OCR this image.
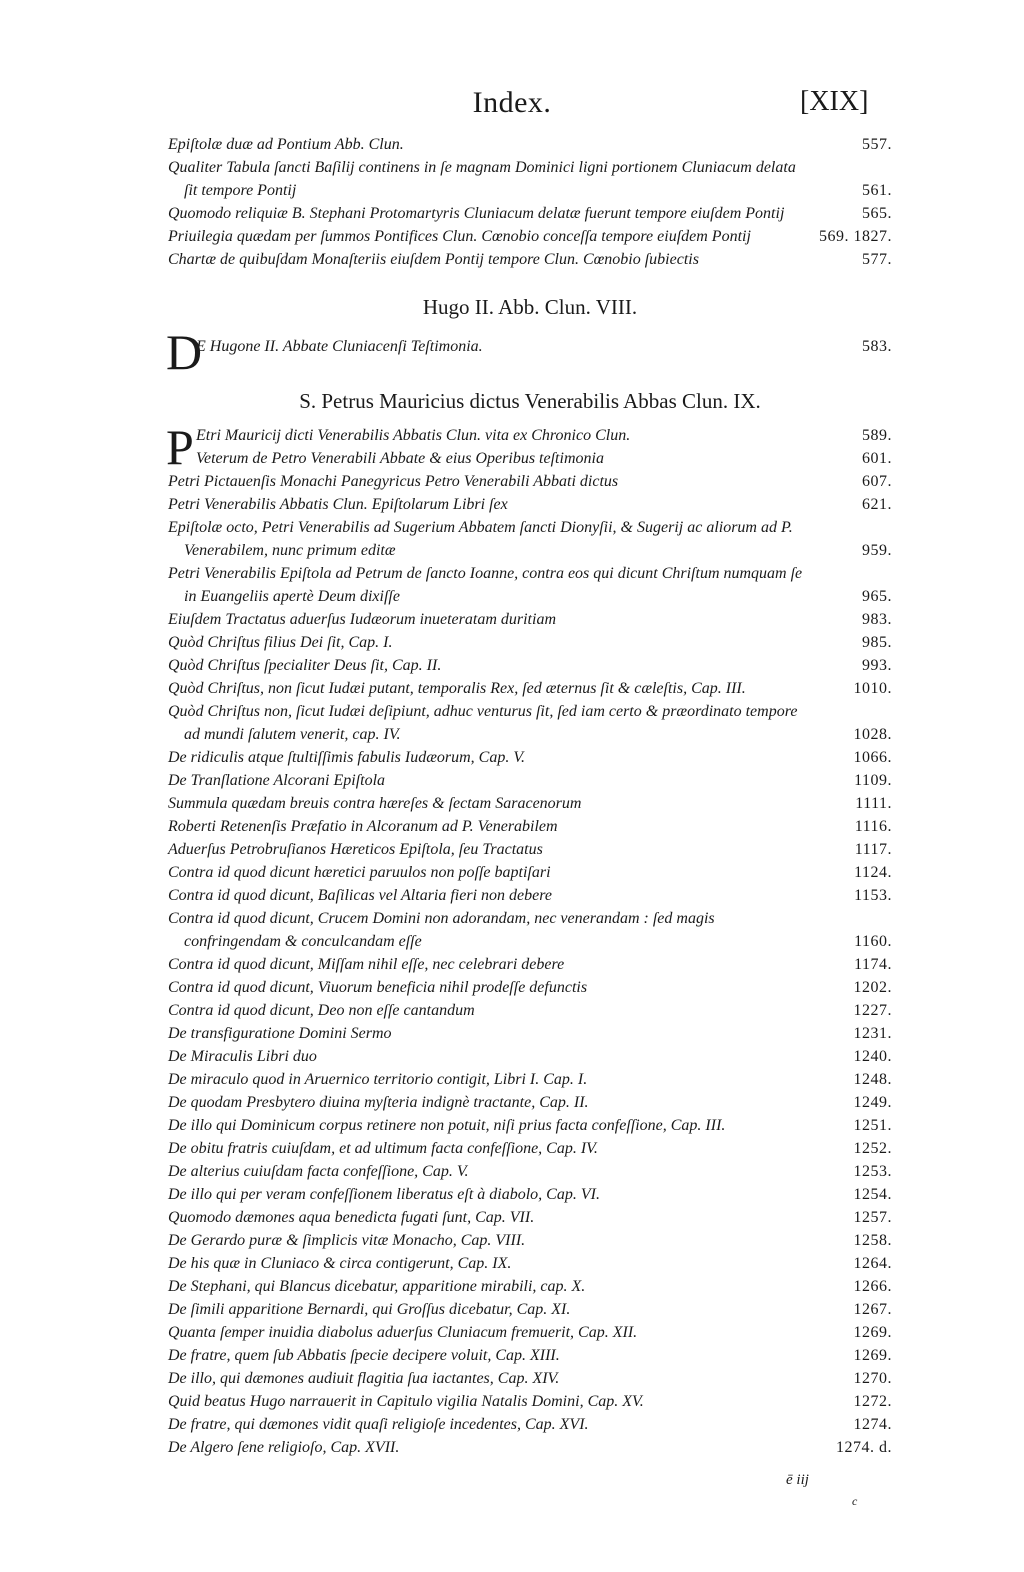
Index.	[XIX]
Epiſtolæ duæ ad Pontium Abb. Clun.	557.
Qualiter Tabula ſancti Baſilij continens in ſe magnam Dominici ligni portionem Cluniacum delata ſit tempore Pontij	561.
Quomodo reliquiæ B. Stephani Protomartyris Cluniacum delatæ fuerunt tempore eiuſdem Pontij	565.
Priuilegia quædam per ſummos Pontifices Clun. Cœnobio conceſſa tempore eiuſdem Pontij	569. 1827.
Chartæ de quibuſdam Monaſteriis eiuſdem Pontij tempore Clun. Cœnobio ſubiectis	577.
Hugo II. Abb. Clun. VIII.
D
E Hugone II. Abbate Cluniacenſi Teſtimonia.	583.
S. Petrus Mauricius dictus Venerabilis Abbas Clun. IX.
P Etri Mauricij dicti Venerabilis Abbatis Clun. vita ex Chronico Clun.	589.
Veterum de Petro Venerabili Abbate & eius Operibus teſtimonia	601.
Petri Pictauenſis Monachi Panegyricus Petro Venerabili Abbati dictus	607.
Petri Venerabilis Abbatis Clun. Epiſtolarum Libri ſex	621.
Epiſtolæ octo, Petri Venerabilis ad Sugerium Abbatem ſancti Dionyſii, & Sugerij ac aliorum ad P. Venerabilem, nunc primum editæ	959.
Petri Venerabilis Epiſtola ad Petrum de ſancto Ioanne, contra eos qui dicunt Chriſtum numquam ſe in Euangeliis apertè Deum dixiſſe	965.
Eiuſdem Tractatus aduerſus Iudæorum inueteratam duritiam	983.
Quòd Chriſtus filius Dei ſit, Cap. I.	985.
Quòd Chriſtus ſpecialiter Deus ſit, Cap. II.	993.
Quòd Chriſtus, non ſicut Iudæi putant, temporalis Rex, ſed æternus ſit & cæleſtis, Cap. III.	1010.
Quòd Chriſtus non, ſicut Iudæi deſipiunt, adhuc venturus ſit, ſed iam certo & præordinato tempore ad mundi ſalutem venerit, cap. IV.	1028.
De ridiculis atque ſtultiſſimis fabulis Iudæorum, Cap. V.	1066.
De Tranſlatione Alcorani Epiſtola	1109.
Summula quædam breuis contra hæreſes & ſectam Saracenorum	1111.
Roberti Retenenſis Præfatio in Alcoranum ad P. Venerabilem	1116.
Aduerſus Petrobruſianos Hæreticos Epiſtola, ſeu Tractatus	1117.
Contra id quod dicunt hæretici paruulos non poſſe baptiſari	1124.
Contra id quod dicunt, Baſilicas vel Altaria fieri non debere	1153.
Contra id quod dicunt, Crucem Domini non adorandam, nec venerandam : ſed magis confringendam & conculcandam eſſe	1160.
Contra id quod dicunt, Miſſam nihil eſſe, nec celebrari debere	1174.
Contra id quod dicunt, Viuorum beneficia nihil prodeſſe defunctis	1202.
Contra id quod dicunt, Deo non eſſe cantandum	1227.
De transfiguratione Domini Sermo	1231.
De Miraculis Libri duo	1240.
De miraculo quod in Aruernico territorio contigit, Libri I. Cap. I.	1248.
De quodam Presbytero diuina myſteria indignè tractante, Cap. II.	1249.
De illo qui Dominicum corpus retinere non potuit, niſi prius facta confeſſione, Cap. III.	1251.
De obitu fratris cuiuſdam, et ad ultimum facta confeſſione, Cap. IV.	1252.
De alterius cuiuſdam facta confeſſione, Cap. V.	1253.
De illo qui per veram confeſſionem liberatus eſt à diabolo, Cap. VI.	1254.
Quomodo dæmones aqua benedicta fugati ſunt, Cap. VII.	1257.
De Gerardo puræ & ſimplicis vitæ Monacho, Cap. VIII.	1258.
De his quæ in Cluniaco & circa contigerunt, Cap. IX.	1264.
De Stephani, qui Blancus dicebatur, apparitione mirabili, cap. X.	1266.
De ſimili apparitione Bernardi, qui Groſſus dicebatur, Cap. XI.	1267.
Quanta ſemper inuidia diabolus aduerſus Cluniacum fremuerit, Cap. XII.	1269.
De fratre, quem ſub Abbatis ſpecie decipere voluit, Cap. XIII.	1269.
De illo, qui dæmones audiuit flagitia ſua iactantes, Cap. XIV.	1270.
Quid beatus Hugo narrauerit in Capitulo vigilia Natalis Domini, Cap. XV.	1272.
De fratre, qui dæmones vidit quaſi religioſe incedentes, Cap. XVI.	1274.
De Algero ſene religioſo, Cap. XVII.	1274. d.
ē iij
c
